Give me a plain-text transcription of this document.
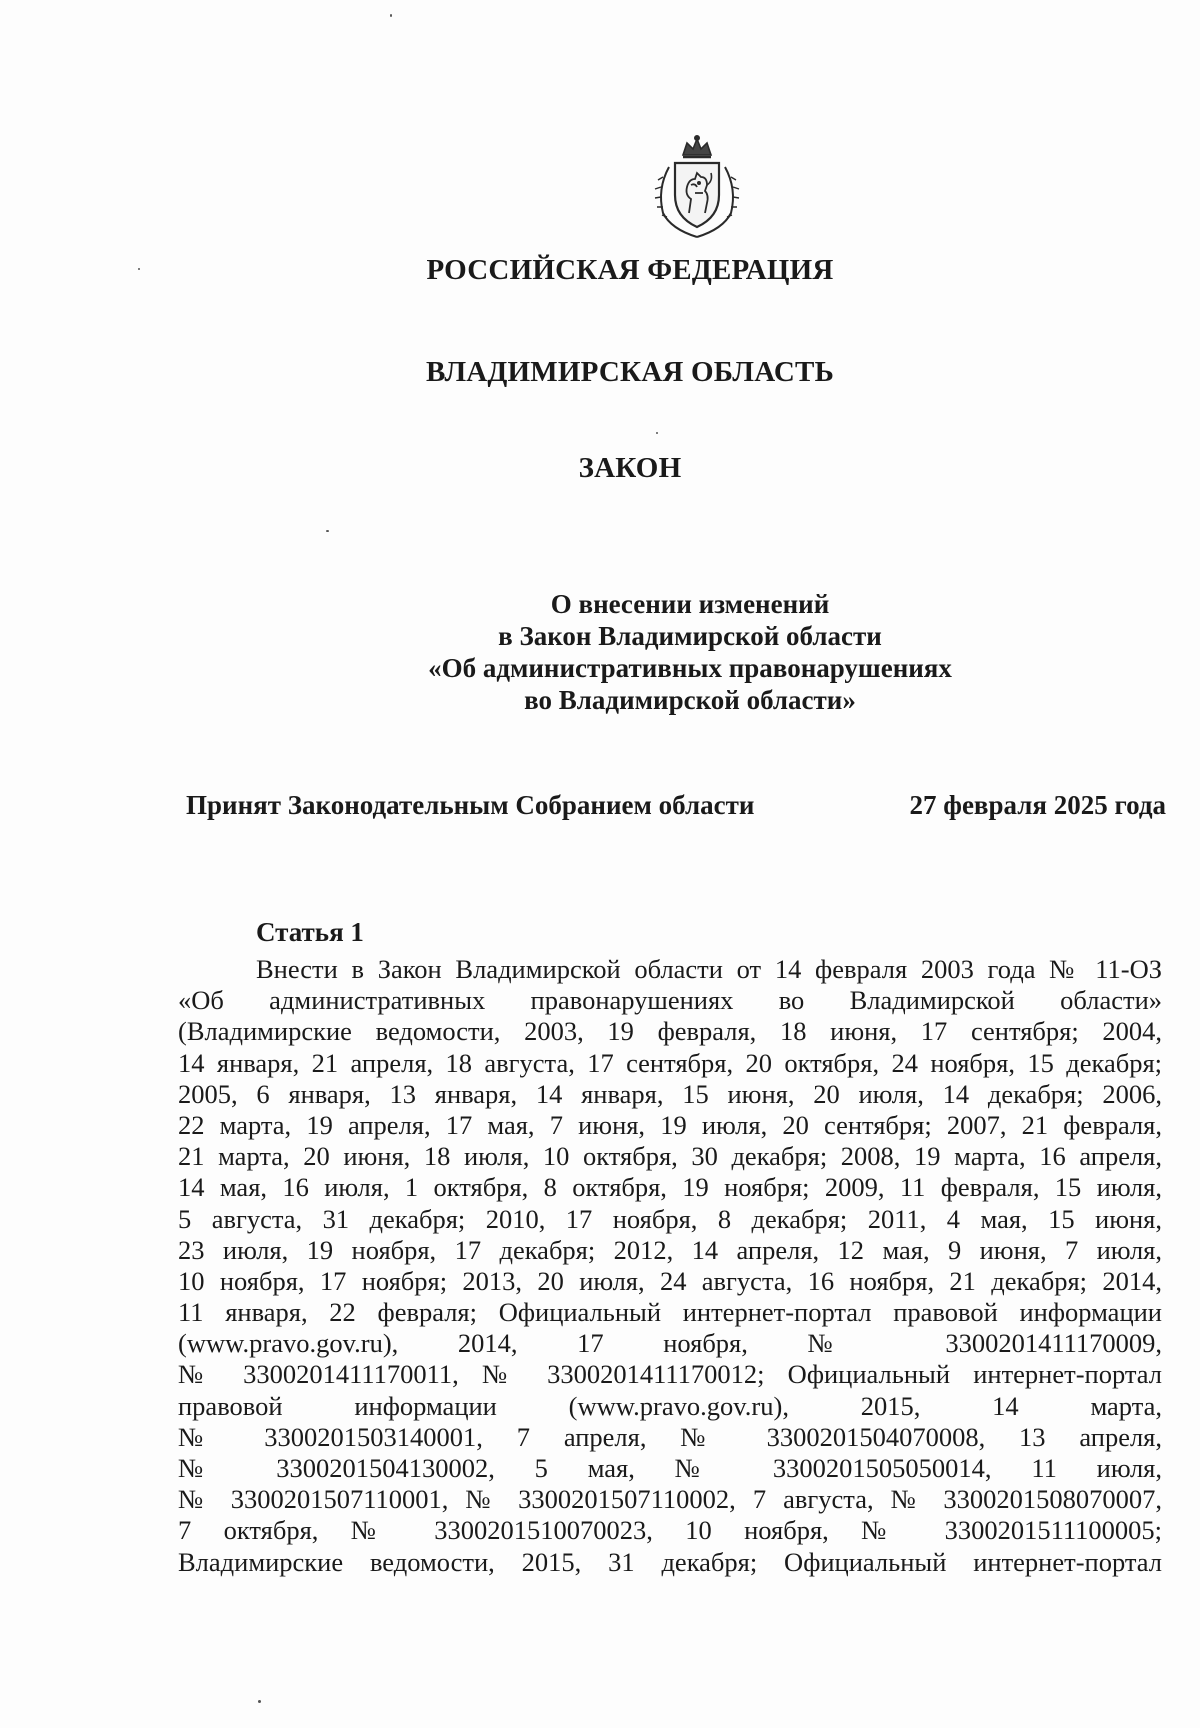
РОССИЙСКАЯ ФЕДЕРАЦИЯ
ВЛАДИМИРСКАЯ ОБЛАСТЬ
ЗАКОН
О внесении изменений
в Закон Владимирской области
«Об административных правонарушениях
во Владимирской области»
Принят Законодательным Собранием области	27 февраля 2025 года
Статья 1
Внести в Закон Владимирской области от 14 февраля 2003 года № 11-ОЗ
«Об административных правонарушениях во Владимирской области»
(Владимирские ведомости, 2003, 19 февраля, 18 июня, 17 сентября; 2004,
14 января, 21 апреля, 18 августа, 17 сентября, 20 октября, 24 ноября, 15 декабря;
2005, 6 января, 13 января, 14 января, 15 июня, 20 июля, 14 декабря; 2006,
22 марта, 19 апреля, 17 мая, 7 июня, 19 июля, 20 сентября; 2007, 21 февраля,
21 марта, 20 июня, 18 июля, 10 октября, 30 декабря; 2008, 19 марта, 16 апреля,
14 мая, 16 июля, 1 октября, 8 октября, 19 ноября; 2009, 11 февраля, 15 июля,
5 августа, 31 декабря; 2010, 17 ноября, 8 декабря; 2011, 4 мая, 15 июня,
23 июля, 19 ноября, 17 декабря; 2012, 14 апреля, 12 мая, 9 июня, 7 июля,
10 ноября, 17 ноября; 2013, 20 июля, 24 августа, 16 ноября, 21 декабря; 2014,
11 января, 22 февраля; Официальный интернет-портал правовой информации
(www.pravo.gov.ru), 2014, 17 ноября, № 3300201411170009,
№ 3300201411170011, № 3300201411170012; Официальный интернет-портал
правовой информации (www.pravo.gov.ru), 2015, 14 марта,
№ 3300201503140001, 7 апреля, № 3300201504070008, 13 апреля,
№ 3300201504130002, 5 мая, № 3300201505050014, 11 июля,
№ 3300201507110001, № 3300201507110002, 7 августа, № 3300201508070007,
7 октября, № 3300201510070023, 10 ноября, № 3300201511100005;
Владимирские ведомости, 2015, 31 декабря; Официальный интернет-портал
